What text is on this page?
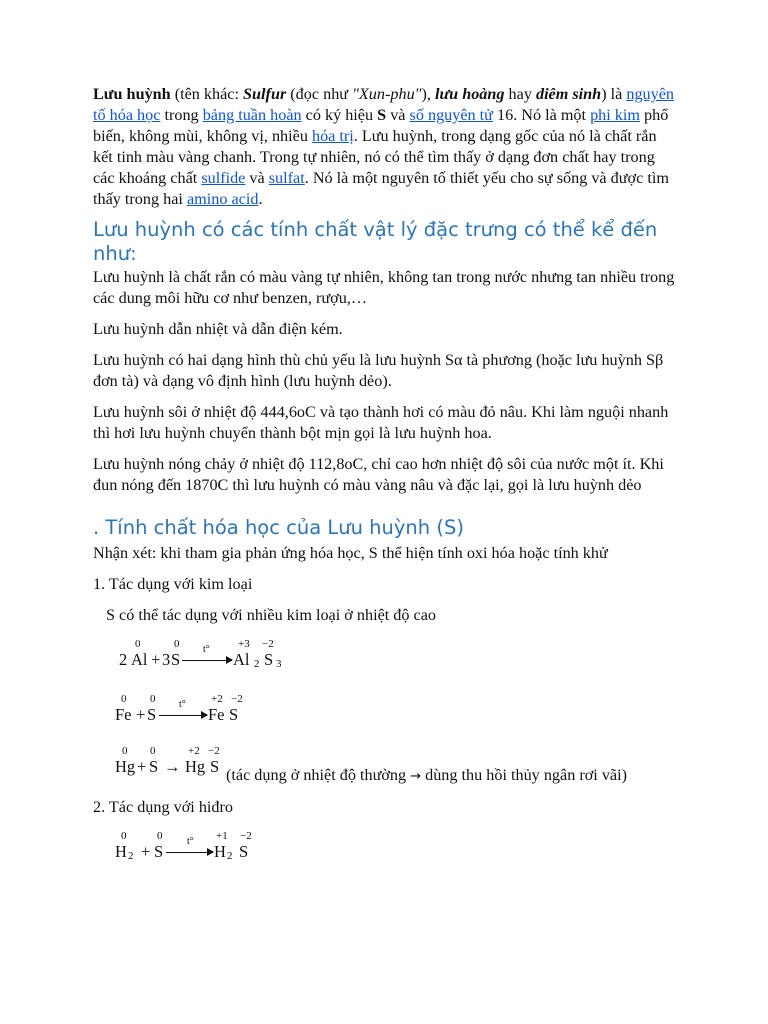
Lưu huỳnh (tên khác: Sulfur (đọc như "Xun-phu"), lưu hoàng hay diêm sinh) là nguyên tố hóa học trong bảng tuần hoàn có ký hiệu S và số nguyên tử 16. Nó là một phi kim phổ biến, không mùi, không vị, nhiều hóa trị. Lưu huỳnh, trong dạng gốc của nó là chất rắn kết tinh màu vàng chanh. Trong tự nhiên, nó có thể tìm thấy ở dạng đơn chất hay trong các khoáng chất sulfide và sulfat. Nó là một nguyên tố thiết yếu cho sự sống và được tìm thấy trong hai amino acid.

Lưu huỳnh có các tính chất vật lý đặc trưng có thể kể đến như:

Lưu huỳnh là chất rắn có màu vàng tự nhiên, không tan trong nước nhưng tan nhiều trong các dung môi hữu cơ như benzen, rượu,…

Lưu huỳnh dẫn nhiệt và dẫn điện kém.

Lưu huỳnh có hai dạng hình thù chủ yếu là lưu huỳnh Sα tà phương (hoặc lưu huỳnh Sβ đơn tà) và dạng vô định hình (lưu huỳnh dẻo).

Lưu huỳnh sôi ở nhiệt độ 444,6oC và tạo thành hơi có màu đỏ nâu. Khi làm nguội nhanh thì hơi lưu huỳnh chuyển thành bột mịn gọi là lưu huỳnh hoa.

Lưu huỳnh nóng chảy ở nhiệt độ 112,8oC, chỉ cao hơn nhiệt độ sôi của nước một ít. Khi đun nóng đến 1870C thì lưu huỳnh có màu vàng nâu và đặc lại, gọi là lưu huỳnh dẻo

. Tính chất hóa học của Lưu huỳnh (S)

Nhận xét: khi tham gia phản ứng hóa học, S thể hiện tính oxi hóa hoặc tính khử

1. Tác dụng với kim loại

S có thể tác dụng với nhiều kim loại ở nhiệt độ cao

0	0	+3 −2
2 Al + 3 S
t°
→ Al 2 S 3
0 0	+2 −2
Fe + S
t°
→ Fe S
0 0	+2 −2
Hg + S → Hg S (tác dụng ở nhiệt độ thường → dùng thu hồi thủy ngân rơi vãi)

2. Tác dụng với hiđro

0	0	+1 −2
H 2 + S
t°
→ H 2 S
